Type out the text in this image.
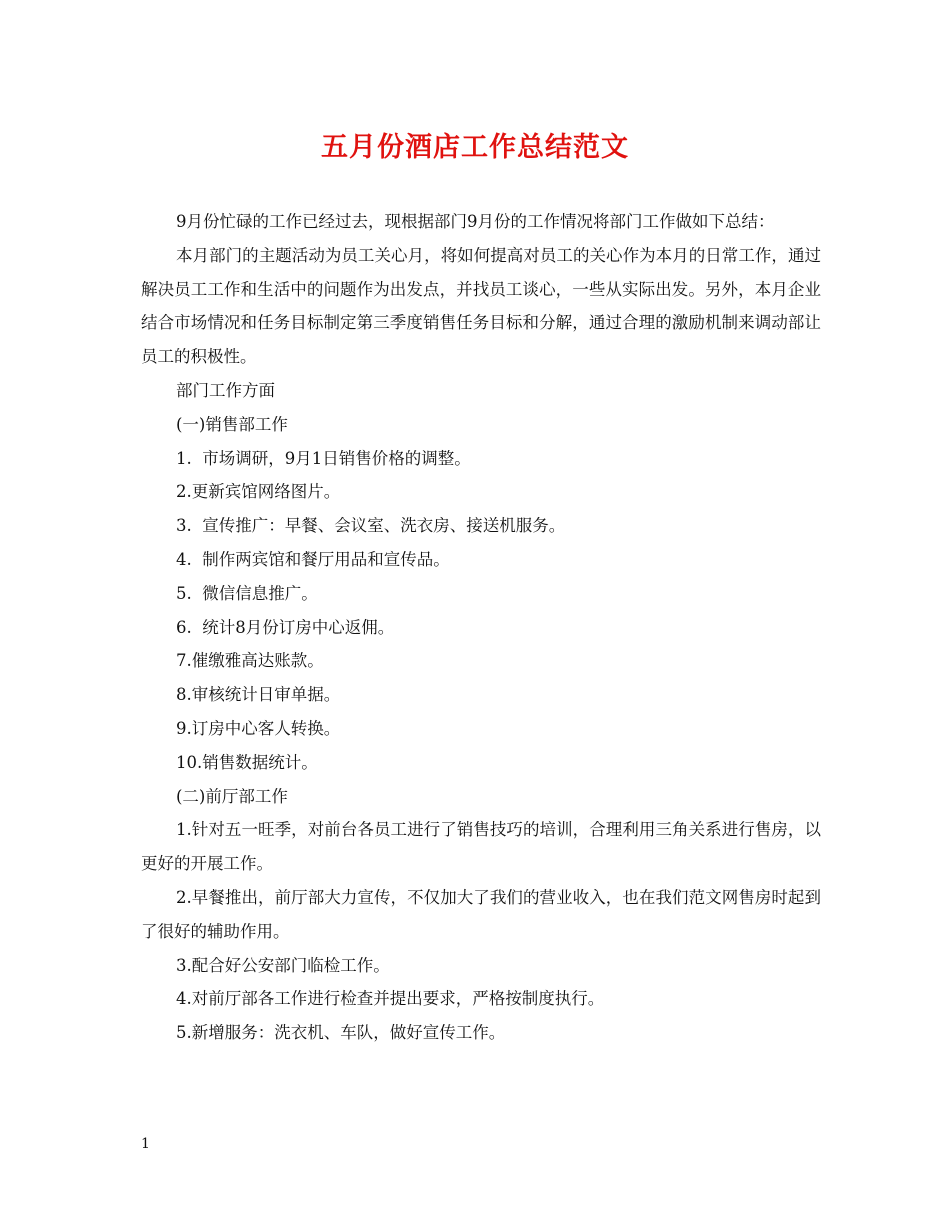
五月份酒店工作总结范文

9月份忙碌的工作已经过去，现根据部门9月份的工作情况将部门工作做如下总结：

本月部门的主题活动为员工关心月，将如何提高对员工的关心作为本月的日常工作，通过解决员工工作和生活中的问题作为出发点，并找员工谈心，一些从实际出发。另外，本月企业结合市场情况和任务目标制定第三季度销售任务目标和分解，通过合理的激励机制来调动部让员工的积极性。

部门工作方面

(一)销售部工作

1.  市场调研，9月1日销售价格的调整。

2.更新宾馆网络图片。

3.  宣传推广：早餐、会议室、洗衣房、接送机服务。

4.  制作两宾馆和餐厅用品和宣传品。

5.  微信信息推广。

6.  统计8月份订房中心返佣。

7.催缴雅高达账款。

8.审核统计日审单据。

9.订房中心客人转换。

10.销售数据统计。

(二)前厅部工作

1.针对五一旺季，对前台各员工进行了销售技巧的培训，合理利用三角关系进行售房，以更好的开展工作。

2.早餐推出，前厅部大力宣传，不仅加大了我们的营业收入，也在我们范文网售房时起到了很好的辅助作用。

3.配合好公安部门临检工作。

4.对前厅部各工作进行检查并提出要求，严格按制度执行。

5.新增服务：洗衣机、车队，做好宣传工作。

1
